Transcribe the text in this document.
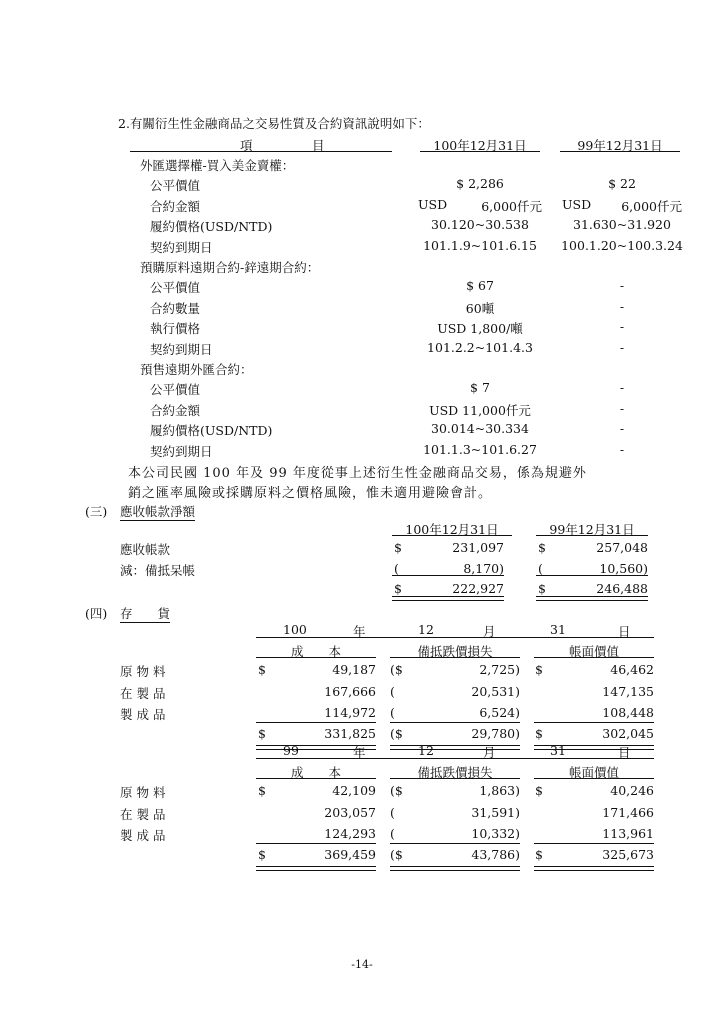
2.有關衍生性金融商品之交易性質及合約資訊說明如下：
項	目	100年12月31日	99年12月31日
外匯選擇權-買入美金賣權：
公平價值	$ 2,286	$ 22
合約金額	USD	6,000仟元 USD	6,000仟元
履約價格(USD/NTD)	30.120~30.538	31.630~31.920
契約到期日	101.1.9~101.6.15	100.1.20~100.3.24
預購原料遠期合約-鋅遠期合約：
公平價值	$ 67	-
合約數量	60噸	-
執行價格	USD 1,800/噸	-
契約到期日	101.2.2~101.4.3	-
預售遠期外匯合約：
公平價值	$ 7	-
合約金額	USD 11,000仟元	-
履約價格(USD/NTD)	30.014~30.334	-
契約到期日	101.1.3~101.6.27	-
本公司民國 100 年及 99 年度從事上述衍生性金融商品交易，係為規避外
銷之匯率風險或採購原料之價格風險，惟未適用避險會計。
(三) 應收帳款淨額
100年12月31日	99年12月31日
應收帳款	$	231,097	$	257,048
減：備抵呆帳	(	8,170)	(	10,560)
$	222,927	$	246,488
(四) 存　　貨
100	年	12	月	31	日
成　　本	備抵跌價損失	帳面價值
原 物 料	$	49,187 ($	2,725) $	46,462
在 製 品	167,666 (	20,531)	147,135
製 成 品	114,972 (	6,524)	108,448
$	331,825 ($	29,780) $	302,045
99	年	12	月	31	日
成　　本	備抵跌價損失	帳面價值
原 物 料	$	42,109 ($	1,863) $	40,246
在 製 品	203,057 (	31,591)	171,466
製 成 品	124,293 (	10,332)	113,961
$	369,459 ($	43,786) $	325,673
-14-
